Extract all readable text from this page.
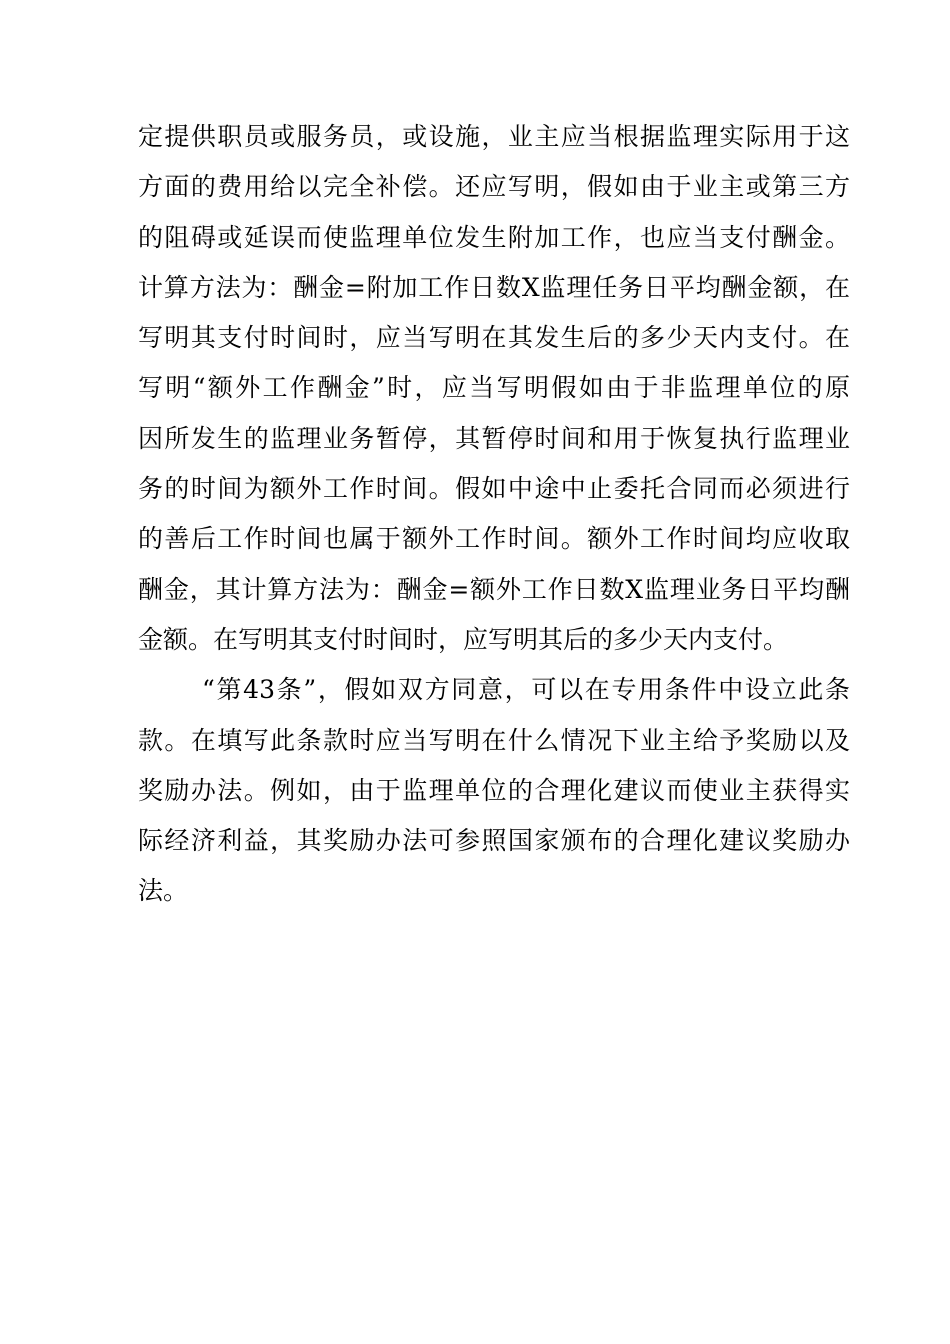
定提供职员或服务员，或设施，业主应当根据监理实际用于这
方面的费用给以完全补偿。还应写明，假如由于业主或第三方
的阻碍或延误而使监理单位发生附加工作，也应当支付酬金。
计算方法为：酬金=附加工作日数X监理任务日平均酬金额，在
写明其支付时间时，应当写明在其发生后的多少天内支付。在
写明“额外工作酬金”时，应当写明假如由于非监理单位的原
因所发生的监理业务暂停，其暂停时间和用于恢复执行监理业
务的时间为额外工作时间。假如中途中止委托合同而必须进行
的善后工作时间也属于额外工作时间。额外工作时间均应收取
酬金，其计算方法为：酬金=额外工作日数X监理业务日平均酬
金额。在写明其支付时间时，应写明其后的多少天内支付。
“第43条”，假如双方同意，可以在专用条件中设立此条
款。在填写此条款时应当写明在什么情况下业主给予奖励以及
奖励办法。例如，由于监理单位的合理化建议而使业主获得实
际经济利益，其奖励办法可参照国家颁布的合理化建议奖励办
法。
